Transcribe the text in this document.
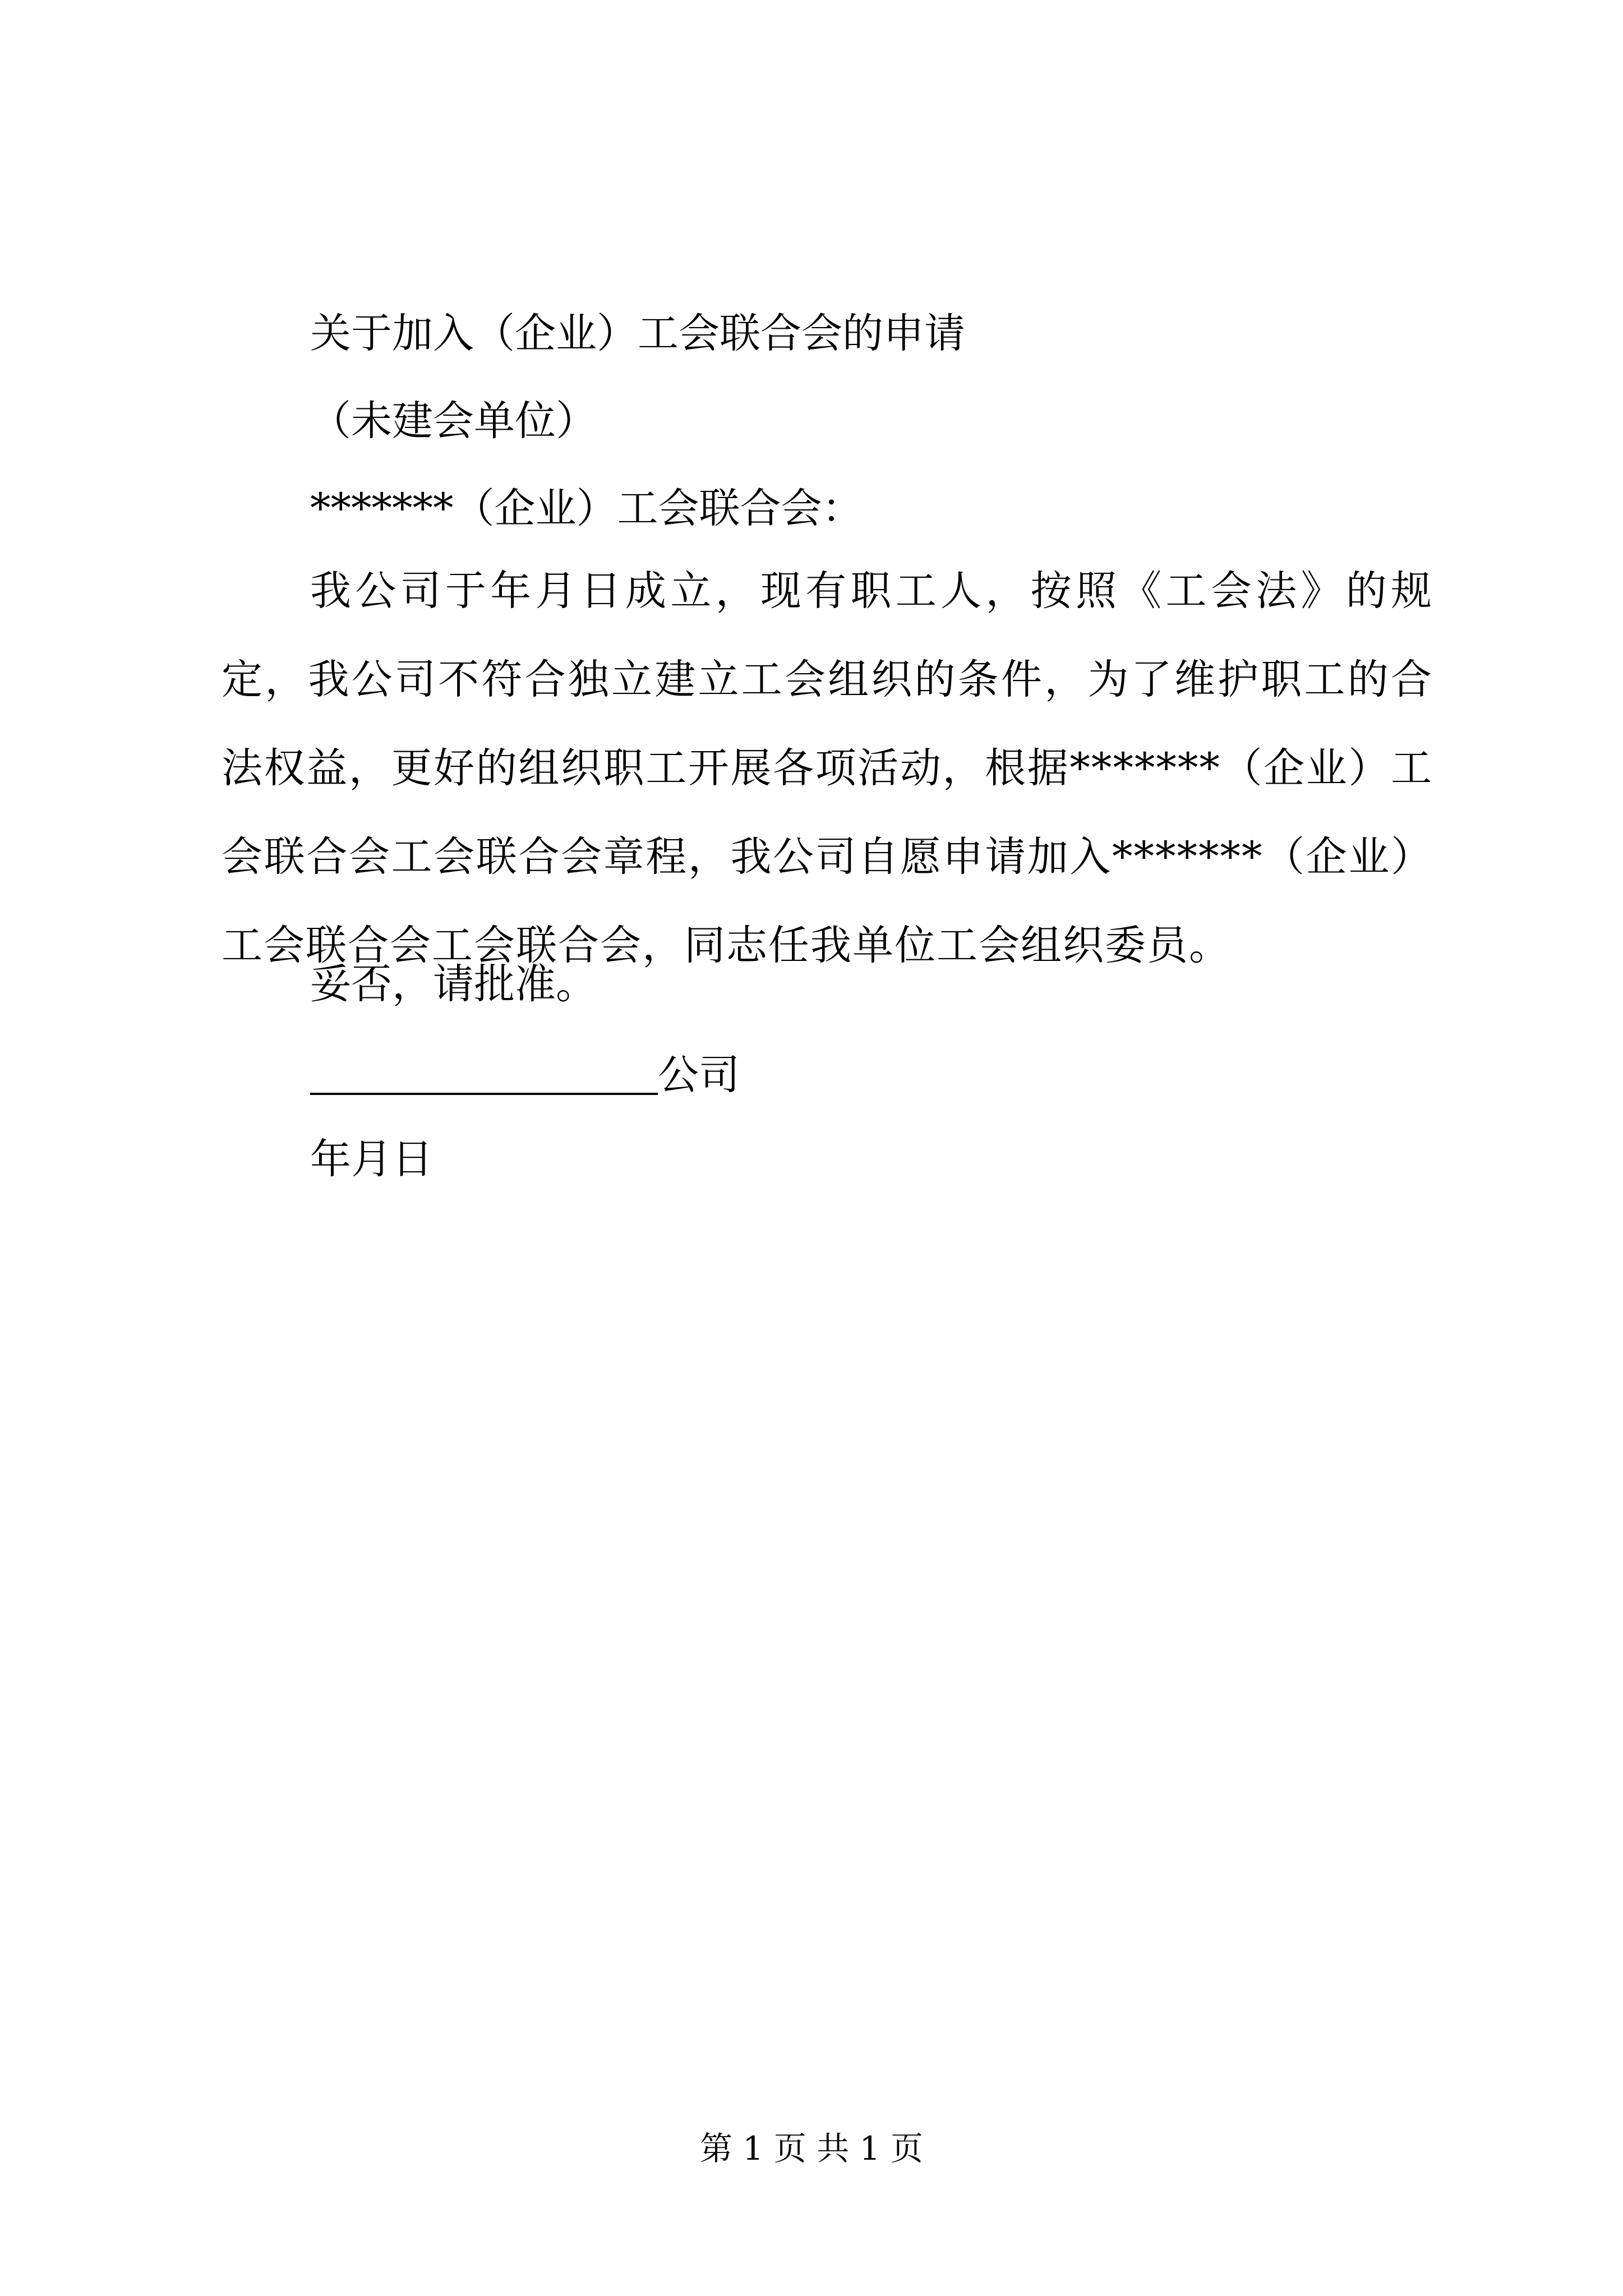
关于加入（企业）工会联合会的申请
（未建会单位）
*******（企业）工会联合会：
我公司于年月日成立，现有职工人，按照《工会法》的规定，我公司不符合独立建立工会组织的条件，为了维护职工的合法权益，更好的组织职工开展各项活动，根据*******（企业）工会联合会工会联合会章程，我公司自愿申请加入*******（企业）工会联合会工会联合会，同志任我单位工会组织委员。
妥否，请批准。
公司
年月日
第 1 页 共 1 页
